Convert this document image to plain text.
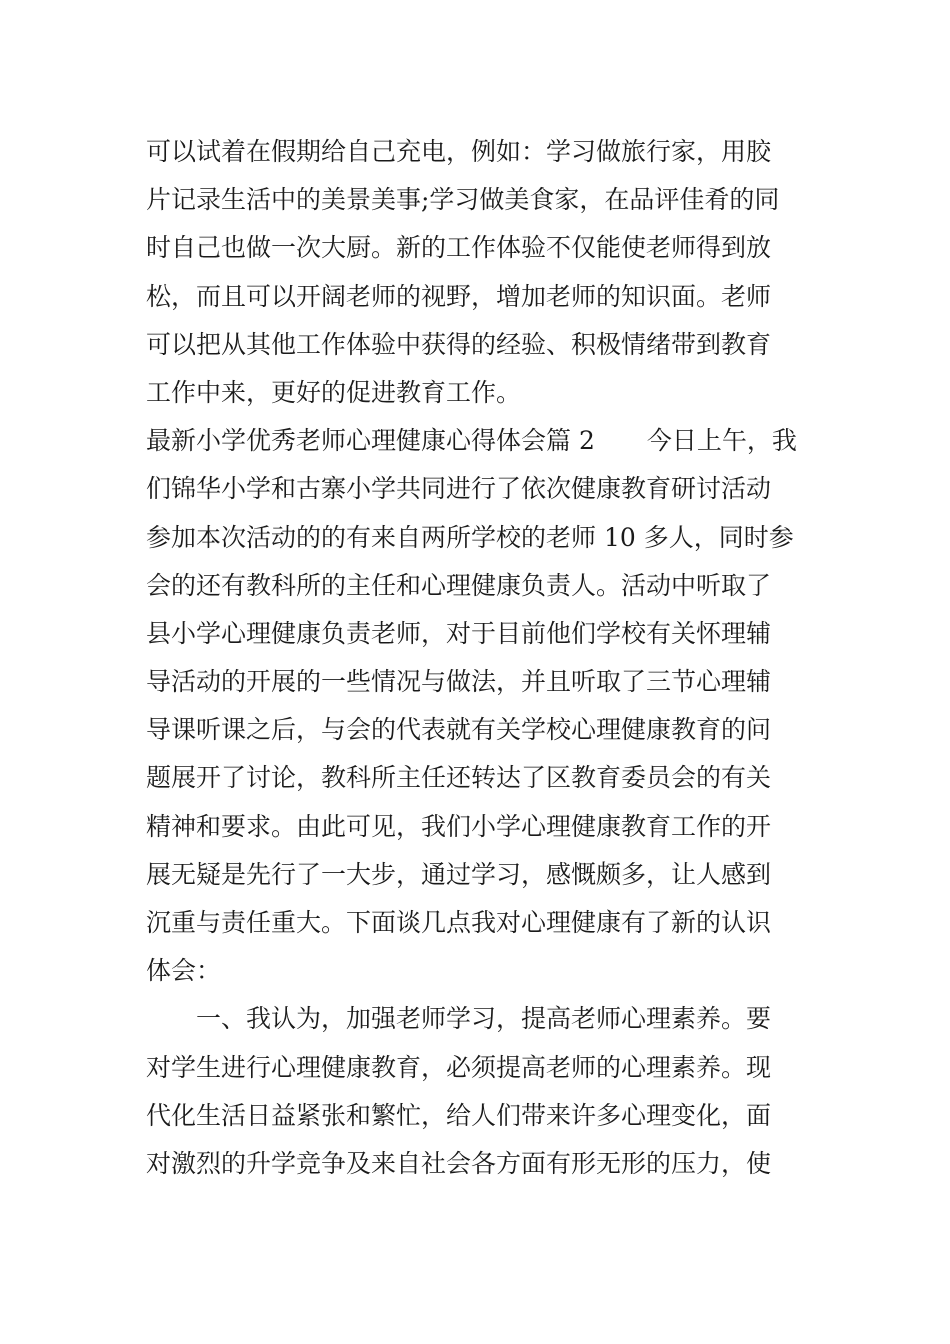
可以试着在假期给自己充电，例如：学习做旅行家，用胶
片记录生活中的美景美事;学习做美食家，在品评佳肴的同
时自己也做一次大厨。新的工作体验不仅能使老师得到放
松，而且可以开阔老师的视野，增加老师的知识面。老师
可以把从其他工作体验中获得的经验、积极情绪带到教育
工作中来，更好的促进教育工作。
最新小学优秀老师心理健康心得体会篇 2 今日上午，我
们锦华小学和古寨小学共同进行了依次健康教育研讨活动
参加本次活动的的有来自两所学校的老师 10 多人，同时参
会的还有教科所的主任和心理健康负责人。活动中听取了
县小学心理健康负责老师，对于目前他们学校有关怀理辅
导活动的开展的一些情况与做法，并且听取了三节心理辅
导课听课之后，与会的代表就有关学校心理健康教育的问
题展开了讨论，教科所主任还转达了区教育委员会的有关
精神和要求。由此可见，我们小学心理健康教育工作的开
展无疑是先行了一大步，通过学习，感慨颇多，让人感到
沉重与责任重大。下面谈几点我对心理健康有了新的认识
体会：
一、我认为，加强老师学习，提高老师心理素养。要
对学生进行心理健康教育，必须提高老师的心理素养。现
代化生活日益紧张和繁忙，给人们带来许多心理变化，面
对激烈的升学竞争及来自社会各方面有形无形的压力，使
